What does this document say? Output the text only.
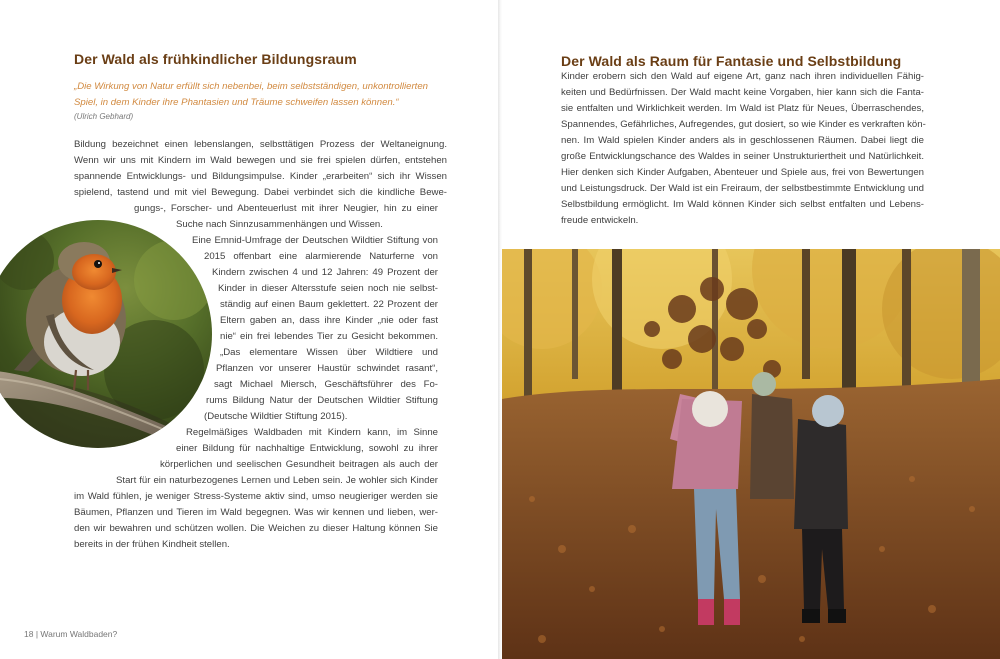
Der Wald als frühkindlicher Bildungsraum

„Die Wirkung von Natur erfüllt sich nebenbei, beim selbstständigen, unkontrollierten
Spiel, in dem Kinder ihre Phantasien und Träume schweifen lassen können.“

(Ulrich Gebhard)

Bildung bezeichnet einen lebenslangen, selbsttätigen Prozess der Weltaneignung.
Wenn wir uns mit Kindern im Wald bewegen und sie frei spielen dürfen, entstehen
spannende Entwicklungs- und Bildungsimpulse. Kinder „erarbeiten“ sich ihr Wissen
spielend, tastend und mit viel Bewegung. Dabei verbindet sich die kindliche Bewe-
gungs-, Forscher- und Abenteuerlust mit ihrer Neugier, hin zu einer
Suche nach Sinnzusammenhängen und Wissen.
Eine Emnid-Umfrage der Deutschen Wildtier Stiftung von
2015 offenbart eine alarmierende Naturferne von
Kindern zwischen 4 und 12 Jahren: 49 Prozent der
Kinder in dieser Altersstufe seien noch nie selbst-
ständig auf einen Baum geklettert. 22 Prozent der
Eltern gaben an, dass ihre Kinder „nie oder fast
nie“ ein frei lebendes Tier zu Gesicht bekommen.
„Das elementare Wissen über Wildtiere und
Pflanzen vor unserer Haustür schwindet rasant“,
sagt Michael Miersch, Geschäftsführer des Fo-
rums Bildung Natur der Deutschen Wildtier Stiftung
(Deutsche Wildtier Stiftung 2015).
Regelmäßiges Waldbaden mit Kindern kann, im Sinne
einer Bildung für nachhaltige Entwicklung, sowohl zu ihrer
körperlichen und seelischen Gesundheit beitragen als auch der
Start für ein naturbezogenes Lernen und Leben sein. Je wohler sich Kinder
im Wald fühlen, je weniger Stress-Systeme aktiv sind, umso neugieriger werden sie
Bäumen, Pflanzen und Tieren im Wald begegnen. Was wir kennen und lieben, wer-
den wir bewahren und schützen wollen. Die Weichen zu dieser Haltung können Sie
bereits in der frühen Kindheit stellen.
18 | Warum Waldbaden?
Der Wald als Raum für Fantasie und Selbstbildung
Kinder erobern sich den Wald auf eigene Art, ganz nach ihren individuellen Fähig-
keiten und Bedürfnissen. Der Wald macht keine Vorgaben, hier kann sich die Fanta-
sie entfalten und Wirklichkeit werden. Im Wald ist Platz für Neues, Überraschendes,
Spannendes, Gefährliches, Aufregendes, gut dosiert, so wie Kinder es verkraften kön-
nen. Im Wald spielen Kinder anders als in geschlossenen Räumen. Dabei liegt die
große Entwicklungschance des Waldes in seiner Unstrukturiertheit und Natürlichkeit.
Hier denken sich Kinder Aufgaben, Abenteuer und Spiele aus, frei von Bewertungen
und Leistungsdruck. Der Wald ist ein Freiraum, der selbstbestimmte Entwicklung und
Selbstbildung ermöglicht. Im Wald können Kinder sich selbst entfalten und Lebens-
freude entwickeln.
